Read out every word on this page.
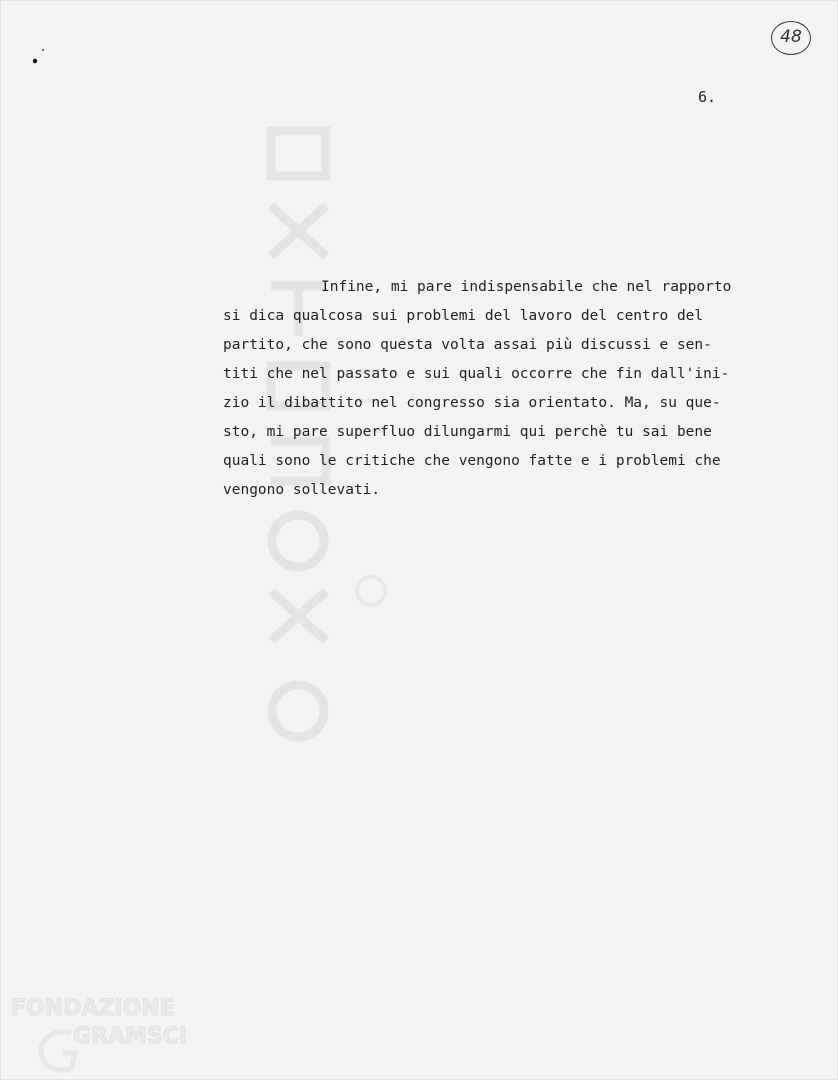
48
6.

Infine, mi pare indispensabile che nel rapporto
si dica qualcosa sui problemi del lavoro del centro del
partito, che sono questa volta assai più discussi e sen-
titi che nel passato e sui quali occorre che fin dall'ini-
zio il dibattito nel congresso sia orientato. Ma, su que-
sto, mi pare superfluo dilungarmi qui perchè tu sai bene
quali sono le critiche che vengono fatte e i problemi che
vengono sollevati.

FONDAZIONE
GRAMSCI
